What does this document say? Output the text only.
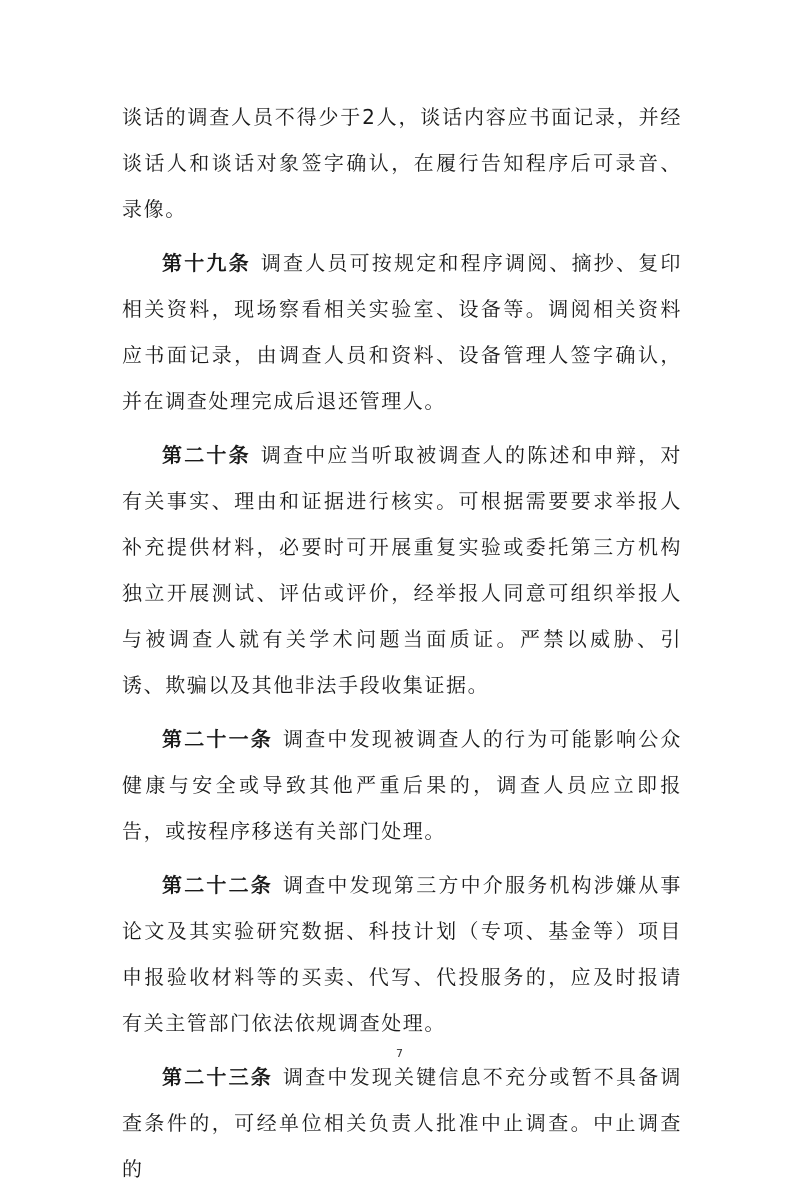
谈话的调查人员不得少于2人，谈话内容应书面记录，并经谈话人和谈话对象签字确认，在履行告知程序后可录音、录像。

第十九条 调查人员可按规定和程序调阅、摘抄、复印相关资料，现场察看相关实验室、设备等。调阅相关资料应书面记录，由调查人员和资料、设备管理人签字确认，并在调查处理完成后退还管理人。

第二十条 调查中应当听取被调查人的陈述和申辩，对有关事实、理由和证据进行核实。可根据需要要求举报人补充提供材料，必要时可开展重复实验或委托第三方机构独立开展测试、评估或评价，经举报人同意可组织举报人与被调查人就有关学术问题当面质证。严禁以威胁、引诱、欺骗以及其他非法手段收集证据。

第二十一条 调查中发现被调查人的行为可能影响公众健康与安全或导致其他严重后果的，调查人员应立即报告，或按程序移送有关部门处理。

第二十二条 调查中发现第三方中介服务机构涉嫌从事论文及其实验研究数据、科技计划（专项、基金等）项目申报验收材料等的买卖、代写、代投服务的，应及时报请有关主管部门依法依规调查处理。

第二十三条 调查中发现关键信息不充分或暂不具备调查条件的，可经单位相关负责人批准中止调查。中止调查的

7
